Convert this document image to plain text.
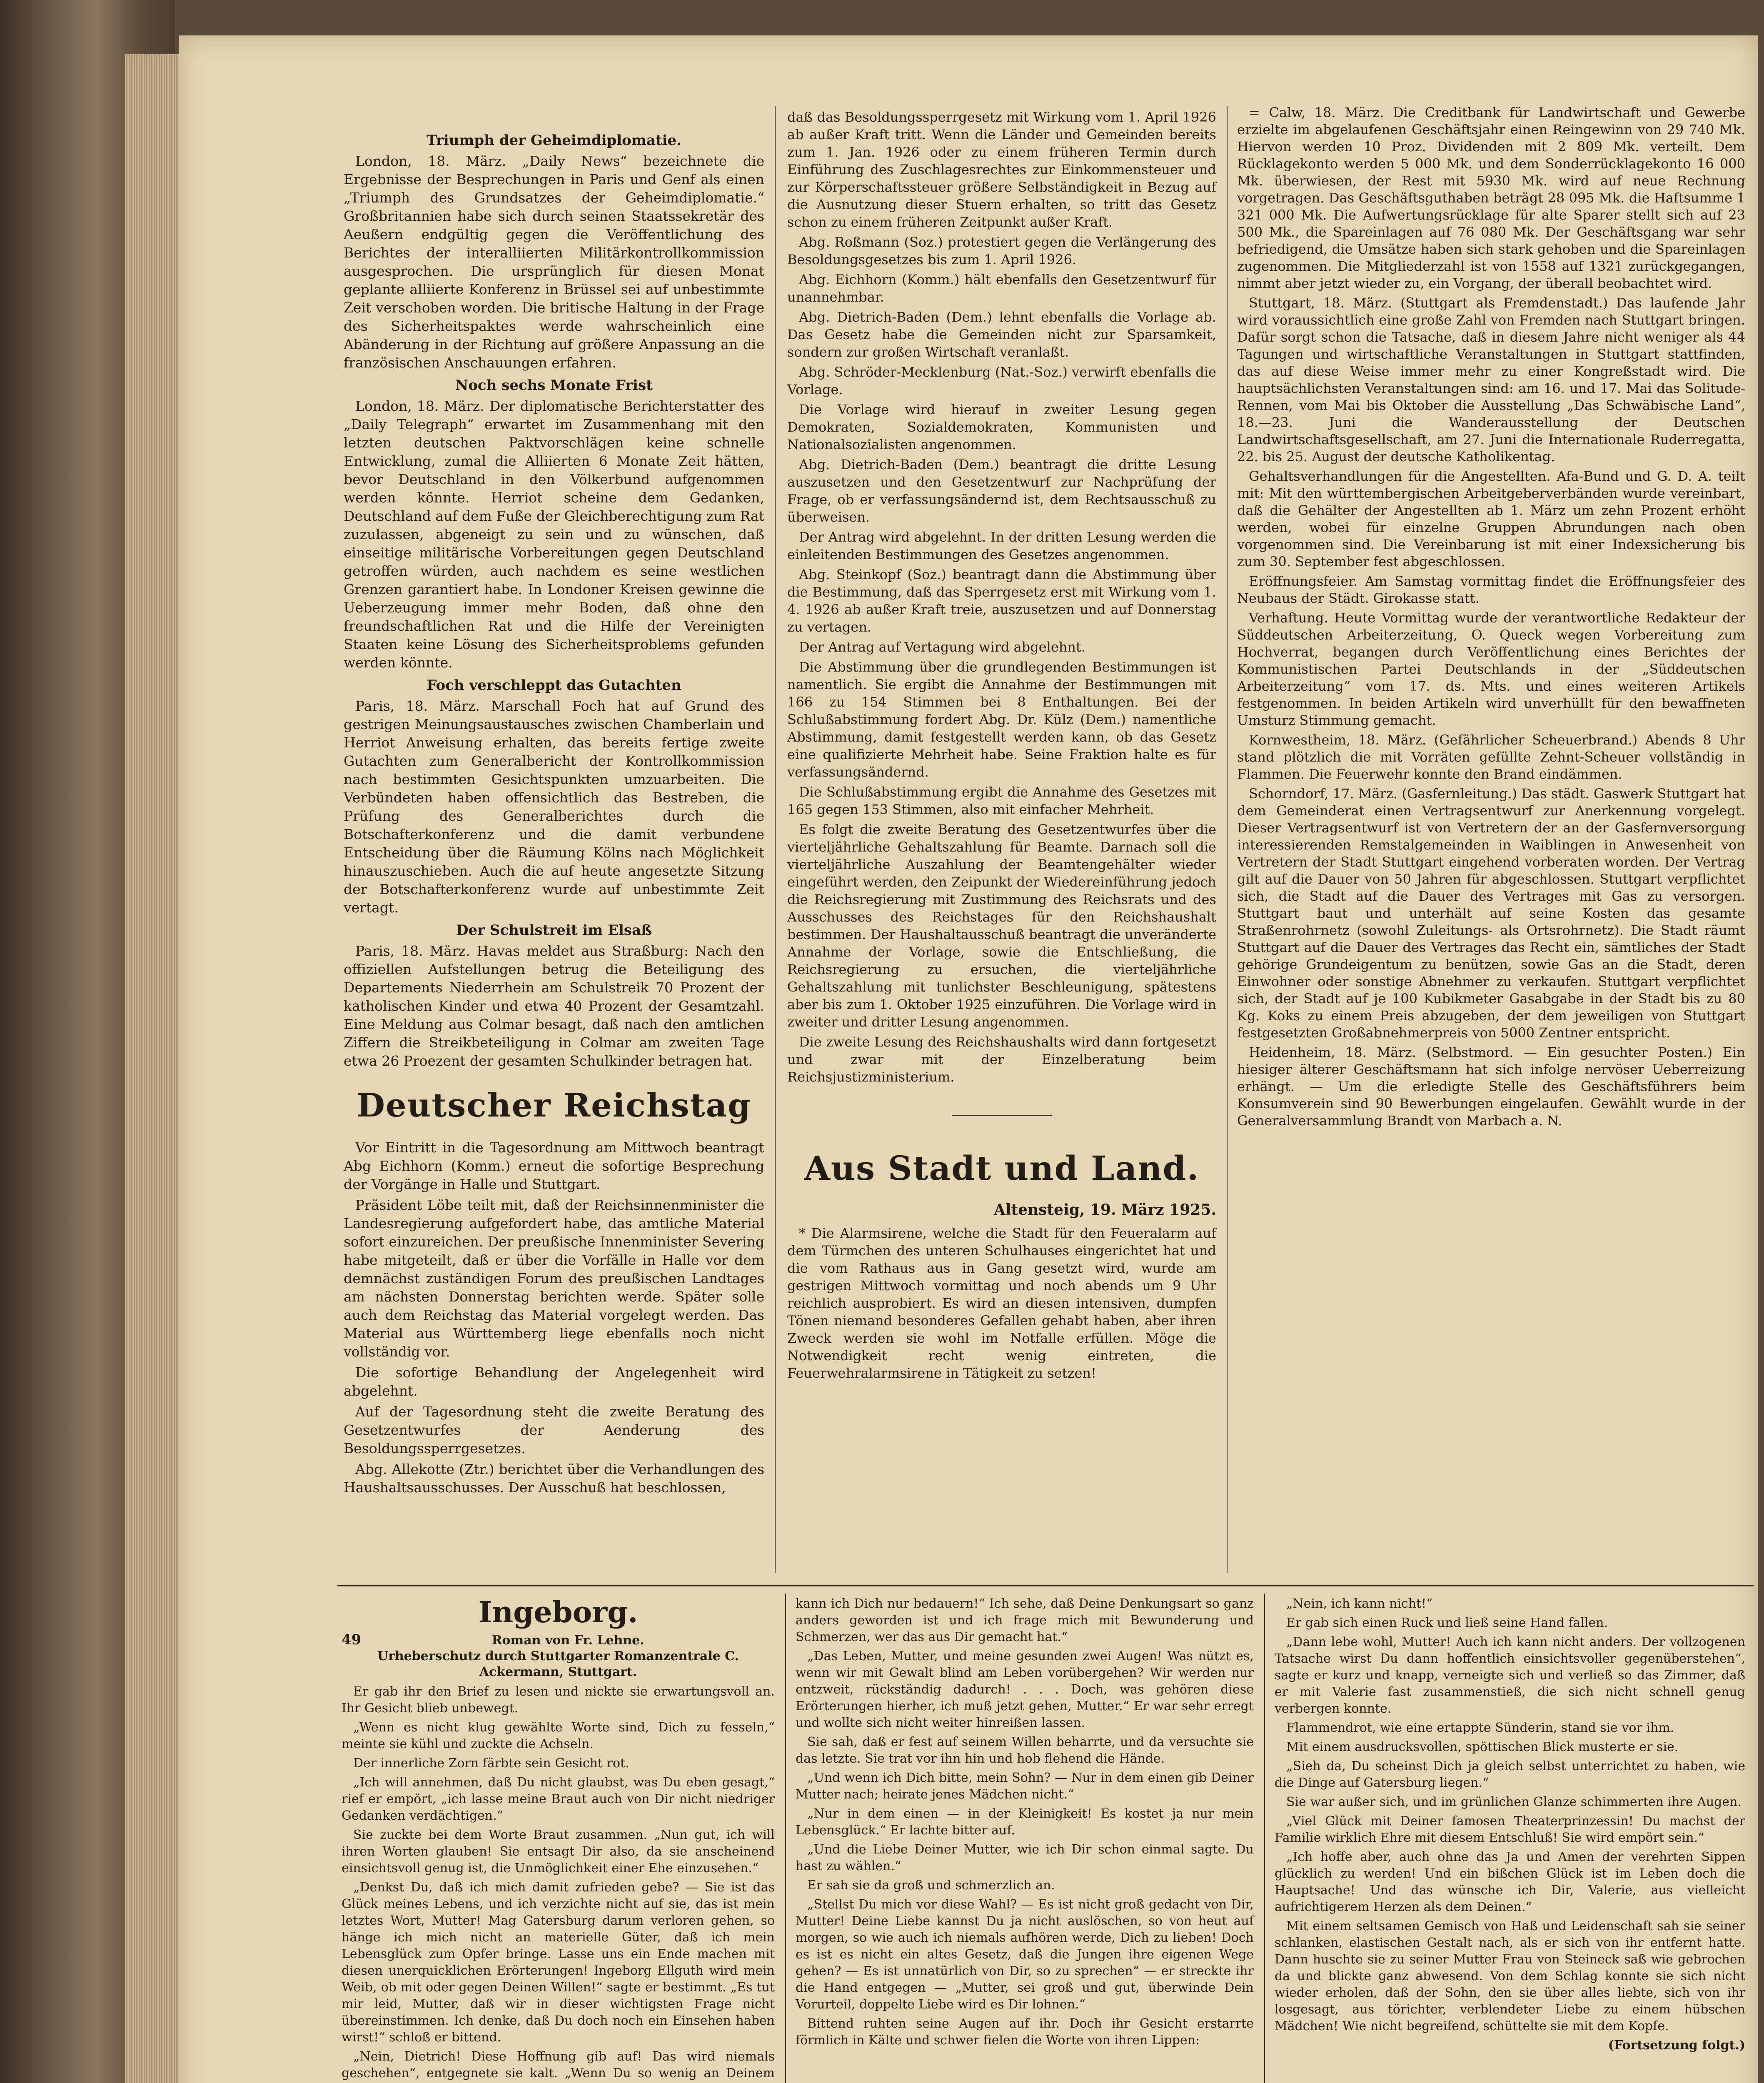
Triumph der Geheimdiplomatie.

London, 18. März. „Daily News“ bezeichnete die Ergebnisse der Besprechungen in Paris und Genf als einen „Triumph des Grundsatzes der Geheimdiplomatie.“ Großbritannien habe sich durch seinen Staatssekretär des Aeußern endgültig gegen die Veröffentlichung des Berichtes der interalliierten Militärkontrollkommission ausgesprochen. Die ursprünglich für diesen Monat geplante alliierte Konferenz in Brüssel sei auf unbestimmte Zeit verschoben worden. Die britische Haltung in der Frage des Sicherheitspaktes werde wahrscheinlich eine Abänderung in der Richtung auf größere Anpassung an die französischen Anschauungen erfahren.

Noch sechs Monate Frist

London, 18. März. Der diplomatische Berichterstatter des „Daily Telegraph“ erwartet im Zusammenhang mit den letzten deutschen Paktvorschlägen keine schnelle Entwicklung, zumal die Alliierten 6 Monate Zeit hätten, bevor Deutschland in den Völkerbund aufgenommen werden könnte. Herriot scheine dem Gedanken, Deutschland auf dem Fuße der Gleichberechtigung zum Rat zuzulassen, abgeneigt zu sein und zu wünschen, daß einseitige militärische Vorbereitungen gegen Deutschland getroffen würden, auch nachdem es seine westlichen Grenzen garantiert habe. In Londoner Kreisen gewinne die Ueberzeugung immer mehr Boden, daß ohne den freundschaftlichen Rat und die Hilfe der Vereinigten Staaten keine Lösung des Sicherheitsproblems gefunden werden könnte.

Foch verschleppt das Gutachten

Paris, 18. März. Marschall Foch hat auf Grund des gestrigen Meinungsaustausches zwischen Chamberlain und Herriot Anweisung erhalten, das bereits fertige zweite Gutachten zum Generalbericht der Kontrollkommission nach bestimmten Gesichtspunkten umzuarbeiten. Die Verbündeten haben offensichtlich das Bestreben, die Prüfung des Generalberichtes durch die Botschafterkonferenz und die damit verbundene Entscheidung über die Räumung Kölns nach Möglichkeit hinauszuschieben. Auch die auf heute angesetzte Sitzung der Botschafterkonferenz wurde auf unbestimmte Zeit vertagt.

Der Schulstreit im Elsaß

Paris, 18. März. Havas meldet aus Straßburg: Nach den offiziellen Aufstellungen betrug die Beteiligung des Departements Niederrhein am Schulstreik 70 Prozent der katholischen Kinder und etwa 40 Prozent der Gesamtzahl. Eine Meldung aus Colmar besagt, daß nach den amtlichen Ziffern die Streikbeteiligung in Colmar am zweiten Tage etwa 26 Proezent der gesamten Schulkinder betragen hat.

Deutscher Reichstag

Vor Eintritt in die Tagesordnung am Mittwoch beantragt Abg Eichhorn (Komm.) erneut die sofortige Besprechung der Vorgänge in Halle und Stuttgart.

Präsident Löbe teilt mit, daß der Reichsinnenminister die Landesregierung aufgefordert habe, das amtliche Material sofort einzureichen. Der preußische Innenminister Severing habe mitgeteilt, daß er über die Vorfälle in Halle vor dem demnächst zuständigen Forum des preußischen Landtages am nächsten Donnerstag berichten werde. Später solle auch dem Reichstag das Material vorgelegt werden. Das Material aus Württemberg liege ebenfalls noch nicht vollständig vor.

Die sofortige Behandlung der Angelegenheit wird abgelehnt.

Auf der Tagesordnung steht die zweite Beratung des Gesetzentwurfes der Aenderung des Besoldungssperrgesetzes.

Abg. Allekotte (Ztr.) berichtet über die Verhandlungen des Haushaltsausschusses. Der Ausschuß hat beschlossen,

daß das Besoldungssperrgesetz mit Wirkung vom 1. April 1926 ab außer Kraft tritt. Wenn die Länder und Gemeinden bereits zum 1. Jan. 1926 oder zu einem früheren Termin durch Einführung des Zuschlagesrechtes zur Einkommensteuer und zur Körperschaftssteuer größere Selbständigkeit in Bezug auf die Ausnutzung dieser Stuern erhalten, so tritt das Gesetz schon zu einem früheren Zeitpunkt außer Kraft.

Abg. Roßmann (Soz.) protestiert gegen die Verlängerung des Besoldungsgesetzes bis zum 1. April 1926.

Abg. Eichhorn (Komm.) hält ebenfalls den Gesetzentwurf für unannehmbar.

Abg. Dietrich-Baden (Dem.) lehnt ebenfalls die Vorlage ab. Das Gesetz habe die Gemeinden nicht zur Sparsamkeit, sondern zur großen Wirtschaft veranlaßt.

Abg. Schröder-Mecklenburg (Nat.-Soz.) verwirft ebenfalls die Vorlage.

Die Vorlage wird hierauf in zweiter Lesung gegen Demokraten, Sozialdemokraten, Kommunisten und Nationalsozialisten angenommen.

Abg. Dietrich-Baden (Dem.) beantragt die dritte Lesung auszusetzen und den Gesetzentwurf zur Nachprüfung der Frage, ob er verfassungsändernd ist, dem Rechtsausschuß zu überweisen.

Der Antrag wird abgelehnt. In der dritten Lesung werden die einleitenden Bestimmungen des Gesetzes angenommen.

Abg. Steinkopf (Soz.) beantragt dann die Abstimmung über die Bestimmung, daß das Sperrgesetz erst mit Wirkung vom 1. 4. 1926 ab außer Kraft treie, auszusetzen und auf Donnerstag zu vertagen.

Der Antrag auf Vertagung wird abgelehnt.

Die Abstimmung über die grundlegenden Bestimmungen ist namentlich. Sie ergibt die Annahme der Bestimmungen mit 166 zu 154 Stimmen bei 8 Enthaltungen. Bei der Schlußabstimmung fordert Abg. Dr. Külz (Dem.) namentliche Abstimmung, damit festgestellt werden kann, ob das Gesetz eine qualifizierte Mehrheit habe. Seine Fraktion halte es für verfassungsändernd.

Die Schlußabstimmung ergibt die Annahme des Gesetzes mit 165 gegen 153 Stimmen, also mit einfacher Mehrheit.

Es folgt die zweite Beratung des Gesetzentwurfes über die vierteljährliche Gehaltszahlung für Beamte. Darnach soll die vierteljährliche Auszahlung der Beamtengehälter wieder eingeführt werden, den Zeipunkt der Wiedereinführung jedoch die Reichsregierung mit Zustimmung des Reichsrats und des Ausschusses des Reichstages für den Reichshaushalt bestimmen. Der Haushaltausschuß beantragt die unveränderte Annahme der Vorlage, sowie die Entschließung, die Reichsregierung zu ersuchen, die vierteljährliche Gehaltszahlung mit tunlichster Beschleunigung, spätestens aber bis zum 1. Oktober 1925 einzuführen. Die Vorlage wird in zweiter und dritter Lesung angenommen.

Die zweite Lesung des Reichshaushalts wird dann fortgesetzt und zwar mit der Einzelberatung beim Reichsjustizministerium.

Aus Stadt und Land.
Altensteig, 19. März 1925.

* Die Alarmsirene, welche die Stadt für den Feueralarm auf dem Türmchen des unteren Schulhauses eingerichtet hat und die vom Rathaus aus in Gang gesetzt wird, wurde am gestrigen Mittwoch vormittag und noch abends um 9 Uhr reichlich ausprobiert. Es wird an diesen intensiven, dumpfen Tönen niemand besonderes Gefallen gehabt haben, aber ihren Zweck werden sie wohl im Notfalle erfüllen. Möge die Notwendigkeit recht wenig eintreten, die Feuerwehralarmsirene in Tätigkeit zu setzen!

= Calw, 18. März. Die Creditbank für Landwirtschaft und Gewerbe erzielte im abgelaufenen Geschäftsjahr einen Reingewinn von 29 740 Mk. Hiervon werden 10 Proz. Dividenden mit 2 809 Mk. verteilt. Dem Rücklagekonto werden 5 000 Mk. und dem Sonderrücklagekonto 16 000 Mk. überwiesen, der Rest mit 5930 Mk. wird auf neue Rechnung vorgetragen. Das Geschäftsguthaben beträgt 28 095 Mk. die Haftsumme 1 321 000 Mk. Die Aufwertungsrücklage für alte Sparer stellt sich auf 23 500 Mk., die Spareinlagen auf 76 080 Mk. Der Geschäftsgang war sehr befriedigend, die Umsätze haben sich stark gehoben und die Spareinlagen zugenommen. Die Mitgliederzahl ist von 1558 auf 1321 zurückgegangen, nimmt aber jetzt wieder zu, ein Vorgang, der überall beobachtet wird.

Stuttgart, 18. März. (Stuttgart als Fremdenstadt.) Das laufende Jahr wird voraussichtlich eine große Zahl von Fremden nach Stuttgart bringen. Dafür sorgt schon die Tatsache, daß in diesem Jahre nicht weniger als 44 Tagungen und wirtschaftliche Veranstaltungen in Stuttgart stattfinden, das auf diese Weise immer mehr zu einer Kongreßstadt wird. Die hauptsächlichsten Veranstaltungen sind: am 16. und 17. Mai das Solitude-Rennen, vom Mai bis Oktober die Ausstellung „Das Schwäbische Land“, 18.—23. Juni die Wanderausstellung der Deutschen Landwirtschaftsgesellschaft, am 27. Juni die Internationale Ruderregatta, 22. bis 25. August der deutsche Katholikentag.

Gehaltsverhandlungen für die Angestellten. Afa-Bund und G. D. A. teilt mit: Mit den württembergischen Arbeitgeberverbänden wurde vereinbart, daß die Gehälter der Angestellten ab 1. März um zehn Prozent erhöht werden, wobei für einzelne Gruppen Abrundungen nach oben vorgenommen sind. Die Vereinbarung ist mit einer Indexsicherung bis zum 30. September fest abgeschlossen.

Eröffnungsfeier. Am Samstag vormittag findet die Eröffnungsfeier des Neubaus der Städt. Girokasse statt.

Verhaftung. Heute Vormittag wurde der verantwortliche Redakteur der Süddeutschen Arbeiterzeitung, O. Queck wegen Vorbereitung zum Hochverrat, begangen durch Veröffentlichung eines Berichtes der Kommunistischen Partei Deutschlands in der „Süddeutschen Arbeiterzeitung“ vom 17. ds. Mts. und eines weiteren Artikels festgenommen. In beiden Artikeln wird unverhüllt für den bewaffneten Umsturz Stimmung gemacht.

Kornwestheim, 18. März. (Gefährlicher Scheuerbrand.) Abends 8 Uhr stand plötzlich die mit Vorräten gefüllte Zehnt-Scheuer vollständig in Flammen. Die Feuerwehr konnte den Brand eindämmen.

Schorndorf, 17. März. (Gasfernleitung.) Das städt. Gaswerk Stuttgart hat dem Gemeinderat einen Vertragsentwurf zur Anerkennung vorgelegt. Dieser Vertragsentwurf ist von Vertretern der an der Gasfernversorgung interessierenden Remstalgemeinden in Waiblingen in Anwesenheit von Vertretern der Stadt Stuttgart eingehend vorberaten worden. Der Vertrag gilt auf die Dauer von 50 Jahren für abgeschlossen. Stuttgart verpflichtet sich, die Stadt auf die Dauer des Vertrages mit Gas zu versorgen. Stuttgart baut und unterhält auf seine Kosten das gesamte Straßenrohrnetz (sowohl Zuleitungs- als Ortsrohrnetz). Die Stadt räumt Stuttgart auf die Dauer des Vertrages das Recht ein, sämtliches der Stadt gehörige Grundeigentum zu benützen, sowie Gas an die Stadt, deren Einwohner oder sonstige Abnehmer zu verkaufen. Stuttgart verpflichtet sich, der Stadt auf je 100 Kubikmeter Gasabgabe in der Stadt bis zu 80 Kg. Koks zu einem Preis abzugeben, der dem jeweiligen von Stuttgart festgesetzten Großabnehmerpreis von 5000 Zentner entspricht.

Heidenheim, 18. März. (Selbstmord. — Ein gesuchter Posten.) Ein hiesiger älterer Geschäftsmann hat sich infolge nervöser Ueberreizung erhängt. — Um die erledigte Stelle des Geschäftsführers beim Konsumverein sind 90 Bewerbungen eingelaufen. Gewählt wurde in der Generalversammlung Brandt von Marbach a. N.

Ingeborg.
49	Roman von Fr. Lehne.
Urheberschutz durch Stuttgarter Romanzentrale C. Ackermann, Stuttgart.

Er gab ihr den Brief zu lesen und nickte sie erwartungsvoll an. Ihr Gesicht blieb unbewegt.

„Wenn es nicht klug gewählte Worte sind, Dich zu fesseln,“ meinte sie kühl und zuckte die Achseln.

Der innerliche Zorn färbte sein Gesicht rot.

„Ich will annehmen, daß Du nicht glaubst, was Du eben gesagt,“ rief er empört, „ich lasse meine Braut auch von Dir nicht niedriger Gedanken verdächtigen.“

Sie zuckte bei dem Worte Braut zusammen. „Nun gut, ich will ihren Worten glauben! Sie entsagt Dir also, da sie anscheinend einsichtsvoll genug ist, die Unmöglichkeit einer Ehe einzusehen.“

„Denkst Du, daß ich mich damit zufrieden gebe? — Sie ist das Glück meines Lebens, und ich verzichte nicht auf sie, das ist mein letztes Wort, Mutter! Mag Gatersburg darum verloren gehen, so hänge ich mich nicht an materielle Güter, daß ich mein Lebensglück zum Opfer bringe. Lasse uns ein Ende machen mit diesen unerquicklichen Erörterungen! Ingeborg Ellguth wird mein Weib, ob mit oder gegen Deinen Willen!“ sagte er bestimmt. „Es tut mir leid, Mutter, daß wir in dieser wichtigsten Frage nicht übereinstimmen. Ich denke, daß Du doch noch ein Einsehen haben wirst!“ schloß er bittend.

„Nein, Dietrich! Diese Hoffnung gib auf! Das wird niemals geschehen“, entgegnete sie kalt. „Wenn Du so wenig an Deinem

kann ich Dich nur bedauern!“ Ich sehe, daß Deine Denkungsart so ganz anders geworden ist und ich frage mich mit Bewunderung und Schmerzen, wer das aus Dir gemacht hat.“

„Das Leben, Mutter, und meine gesunden zwei Augen! Was nützt es, wenn wir mit Gewalt blind am Leben vorübergehen? Wir werden nur entzweit, rückständig dadurch! . . . Doch, was gehören diese Erörterungen hierher, ich muß jetzt gehen, Mutter.“ Er war sehr erregt und wollte sich nicht weiter hinreißen lassen.

Sie sah, daß er fest auf seinem Willen beharrte, und da versuchte sie das letzte. Sie trat vor ihn hin und hob flehend die Hände.

„Und wenn ich Dich bitte, mein Sohn? — Nur in dem einen gib Deiner Mutter nach; heirate jenes Mädchen nicht.“

„Nur in dem einen — in der Kleinigkeit! Es kostet ja nur mein Lebensglück.“ Er lachte bitter auf.

„Und die Liebe Deiner Mutter, wie ich Dir schon einmal sagte. Du hast zu wählen.“

Er sah sie da groß und schmerzlich an.

„Stellst Du mich vor diese Wahl? — Es ist nicht groß gedacht von Dir, Mutter! Deine Liebe kannst Du ja nicht auslöschen, so von heut auf morgen, so wie auch ich niemals aufhören werde, Dich zu lieben! Doch es ist es nicht ein altes Gesetz, daß die Jungen ihre eigenen Wege gehen? — Es ist unnatürlich von Dir, so zu sprechen“ — er streckte ihr die Hand entgegen — „Mutter, sei groß und gut, überwinde Dein Vorurteil, doppelte Liebe wird es Dir lohnen.“

Bittend ruhten seine Augen auf ihr. Doch ihr Gesicht erstarrte förmlich in Kälte und schwer fielen die Worte von ihren Lippen:

„Nein, ich kann nicht!“

Er gab sich einen Ruck und ließ seine Hand fallen.

„Dann lebe wohl, Mutter! Auch ich kann nicht anders. Der vollzogenen Tatsache wirst Du dann hoffentlich einsichtsvoller gegenüberstehen“, sagte er kurz und knapp, verneigte sich und verließ so das Zimmer, daß er mit Valerie fast zusammenstieß, die sich nicht schnell genug verbergen konnte.

Flammendrot, wie eine ertappte Sünderin, stand sie vor ihm.

Mit einem ausdrucksvollen, spöttischen Blick musterte er sie.

„Sieh da, Du scheinst Dich ja gleich selbst unterrichtet zu haben, wie die Dinge auf Gatersburg liegen.“

Sie war außer sich, und im grünlichen Glanze schimmerten ihre Augen.

„Viel Glück mit Deiner famosen Theaterprinzessin! Du machst der Familie wirklich Ehre mit diesem Entschluß! Sie wird empört sein.“

„Ich hoffe aber, auch ohne das Ja und Amen der verehrten Sippen glücklich zu werden! Und ein bißchen Glück ist im Leben doch die Hauptsache! Und das wünsche ich Dir, Valerie, aus vielleicht aufrichtigerem Herzen als dem Deinen.“

Mit einem seltsamen Gemisch von Haß und Leidenschaft sah sie seiner schlanken, elastischen Gestalt nach, als er sich von ihr entfernt hatte. Dann huschte sie zu seiner Mutter Frau von Steineck saß wie gebrochen da und blickte ganz abwesend. Von dem Schlag konnte sie sich nicht wieder erholen, daß der Sohn, den sie über alles liebte, sich von ihr losgesagt, aus törichter, verblendeter Liebe zu einem hübschen Mädchen! Wie nicht begreifend, schüttelte sie mit dem Kopfe.

(Fortsetzung folgt.)
